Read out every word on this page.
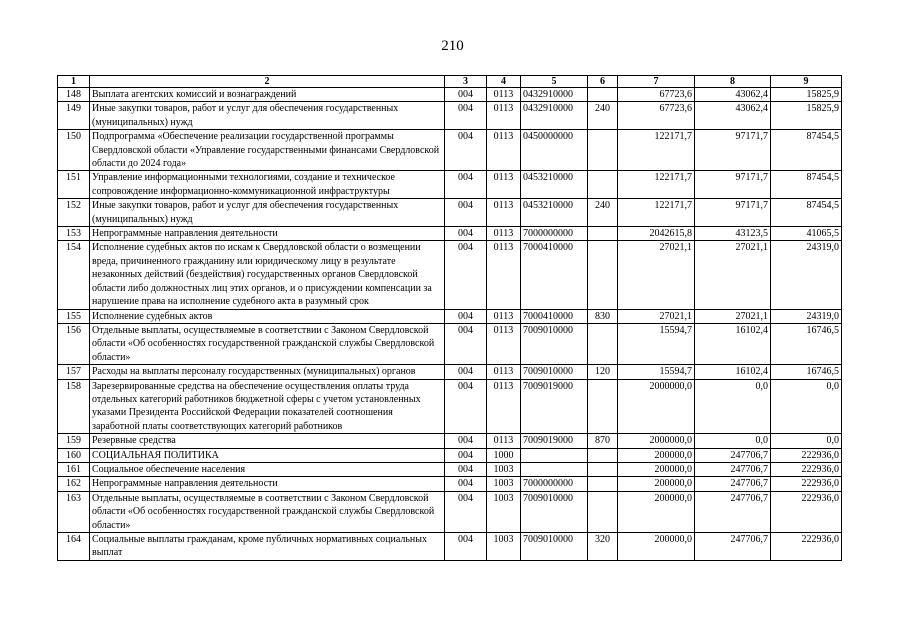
210
1	2	3	4	5	6	7	8	9
148	Выплата агентских комиссий и вознаграждений	004	0113	0432910000		67723,6	43062,4	15825,9
149	Иные закупки товаров, работ и услуг для обеспечения государственных (муниципальных) нужд	004	0113	0432910000	240	67723,6	43062,4	15825,9
150	Подпрограмма «Обеспечение реализации государственной программы Свердловской области «Управление государственными финансами Свердловской области до 2024 года»	004	0113	0450000000		122171,7	97171,7	87454,5
151	Управление информационными технологиями, создание и техническое сопровождение информационно-коммуникационной инфраструктуры	004	0113	0453210000		122171,7	97171,7	87454,5
152	Иные закупки товаров, работ и услуг для обеспечения государственных (муниципальных) нужд	004	0113	0453210000	240	122171,7	97171,7	87454,5
153	Непрограммные направления деятельности	004	0113	7000000000		2042615,8	43123,5	41065,5
154	Исполнение судебных актов по искам к Свердловской области о возмещении вреда, причиненного гражданину или юридическому лицу в результате незаконных действий (бездействия) государственных органов Свердловской области либо должностных лиц этих органов, и о присуждении компенсации за нарушение права на исполнение судебного акта в разумный срок	004	0113	7000410000		27021,1	27021,1	24319,0
155	Исполнение судебных актов	004	0113	7000410000	830	27021,1	27021,1	24319,0
156	Отдельные выплаты, осуществляемые в соответствии с Законом Свердловской области «Об особенностях государственной гражданской службы Свердловской области»	004	0113	7009010000		15594,7	16102,4	16746,5
157	Расходы на выплаты персоналу государственных (муниципальных) органов	004	0113	7009010000	120	15594,7	16102,4	16746,5
158	Зарезервированные средства на обеспечение осуществления оплаты труда отдельных категорий работников бюджетной сферы с учетом установленных указами Президента Российской Федерации показателей соотношения заработной платы соответствующих категорий работников	004	0113	7009019000		2000000,0	0,0	0,0
159	Резервные средства	004	0113	7009019000	870	2000000,0	0,0	0,0
160	СОЦИАЛЬНАЯ ПОЛИТИКА	004	1000			200000,0	247706,7	222936,0
161	Социальное обеспечение населения	004	1003			200000,0	247706,7	222936,0
162	Непрограммные направления деятельности	004	1003	7000000000		200000,0	247706,7	222936,0
163	Отдельные выплаты, осуществляемые в соответствии с Законом Свердловской области «Об особенностях государственной гражданской службы Свердловской области»	004	1003	7009010000		200000,0	247706,7	222936,0
164	Социальные выплаты гражданам, кроме публичных нормативных социальных выплат	004	1003	7009010000	320	200000,0	247706,7	222936,0
